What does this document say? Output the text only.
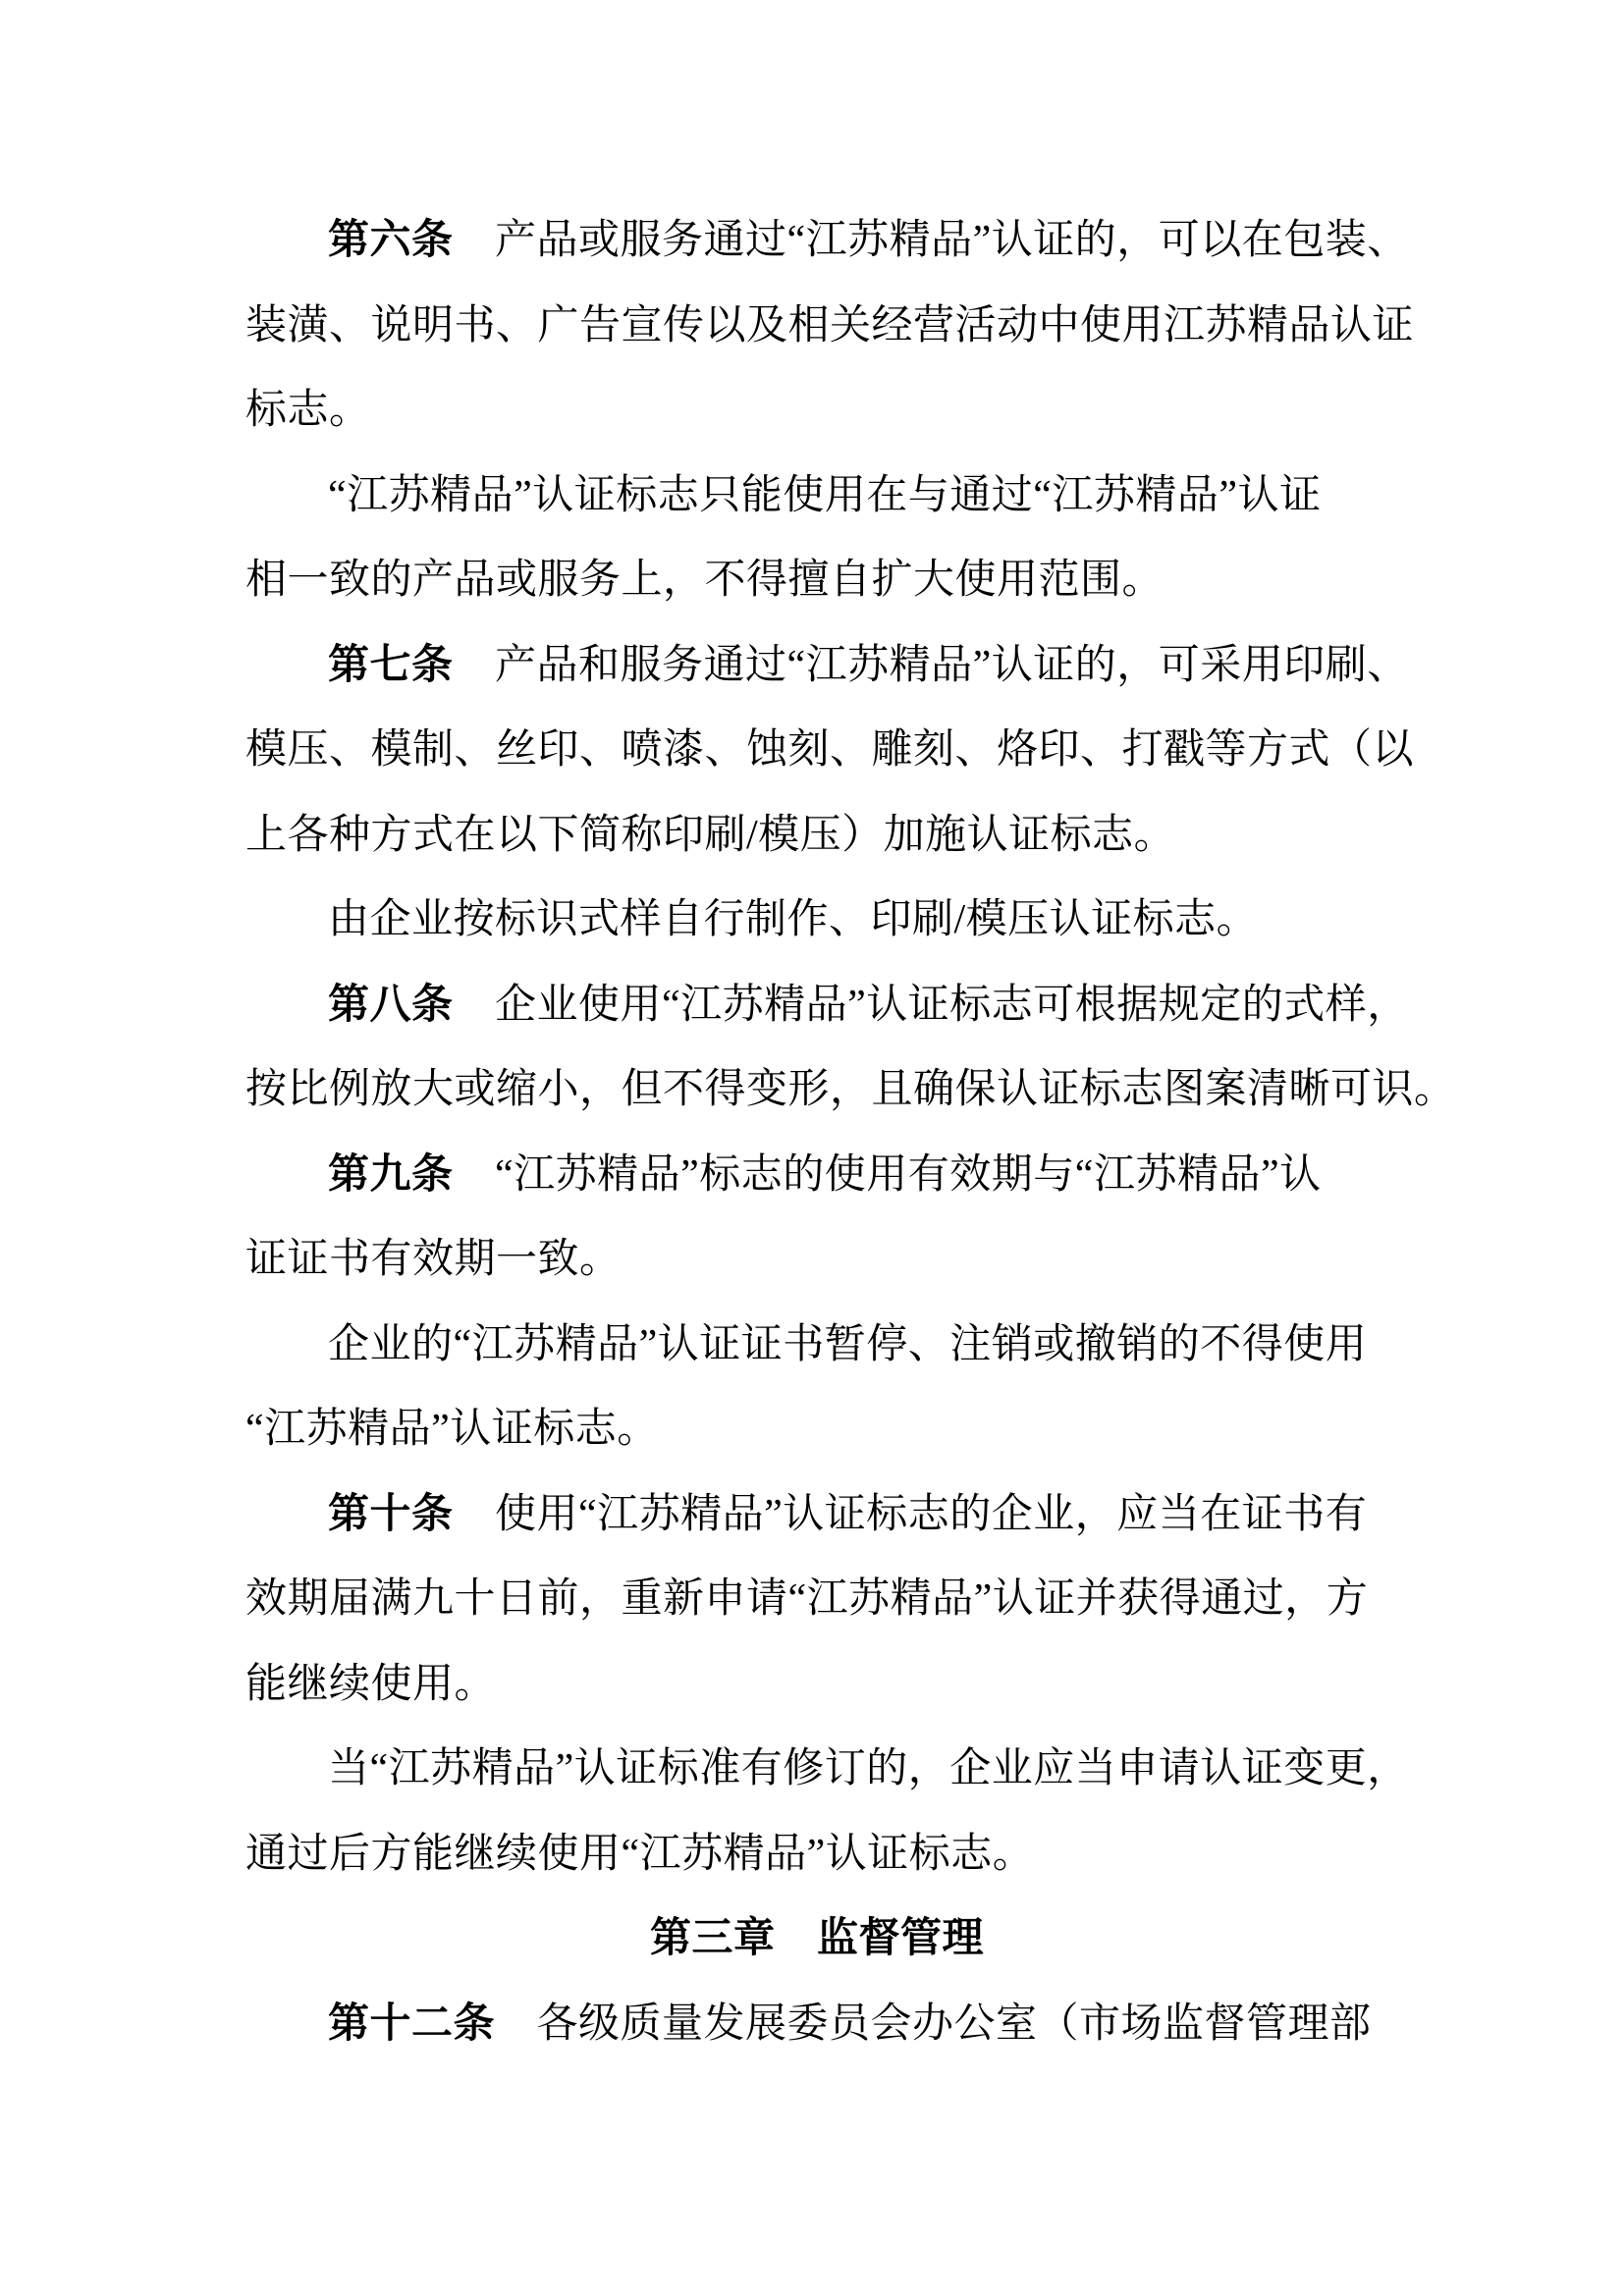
第六条　产品或服务通过“江苏精品”认证的，可以在包装、
装潢、说明书、广告宣传以及相关经营活动中使用江苏精品认证
标志。
“江苏精品”认证标志只能使用在与通过“江苏精品”认证
相一致的产品或服务上，不得擅自扩大使用范围。
第七条　产品和服务通过“江苏精品”认证的，可采用印刷、
模压、模制、丝印、喷漆、蚀刻、雕刻、烙印、打戳等方式（以
上各种方式在以下简称印刷/模压）加施认证标志。
由企业按标识式样自行制作、印刷/模压认证标志。
第八条　企业使用“江苏精品”认证标志可根据规定的式样，
按比例放大或缩小，但不得变形，且确保认证标志图案清晰可识。
第九条　“江苏精品”标志的使用有效期与“江苏精品”认
证证书有效期一致。
企业的“江苏精品”认证证书暂停、注销或撤销的不得使用
“江苏精品”认证标志。
第十条　使用“江苏精品”认证标志的企业，应当在证书有
效期届满九十日前，重新申请“江苏精品”认证并获得通过，方
能继续使用。
当“江苏精品”认证标准有修订的，企业应当申请认证变更，
通过后方能继续使用“江苏精品”认证标志。
第三章　监督管理
第十二条　各级质量发展委员会办公室（市场监督管理部
